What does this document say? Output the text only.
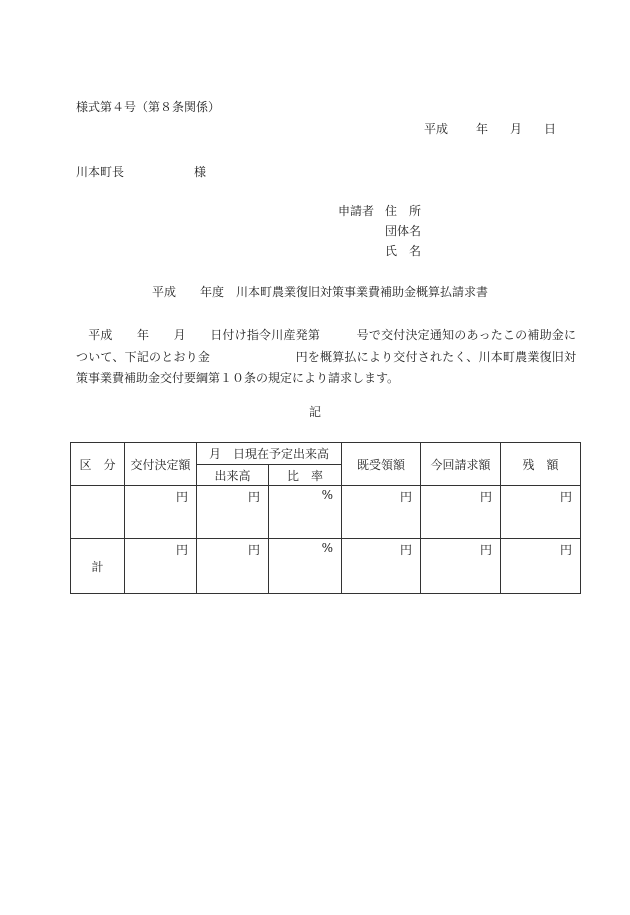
様式第４号（第８条関係）
平成 年 月 日
川本町長	様
申請者 住　所
団体名
氏　名
平成　　年度　川本町農業復旧対策事業費補助金概算払請求書
　平成　　年　　月　　日付け指令川産発第　　　号で交付決定通知のあったこの補助金について、下記のとおり金　　　　　　　円を概算払により交付されたく、川本町農業復旧対策事業費補助金交付要綱第１０条の規定により請求します。
記
区　分	交付決定額	月　日現在予定出来高		既受領額	今回請求額	残　額
		出来高	比　率			
	円	円	%	円	円	円
計	円	円	%	円	円	円
